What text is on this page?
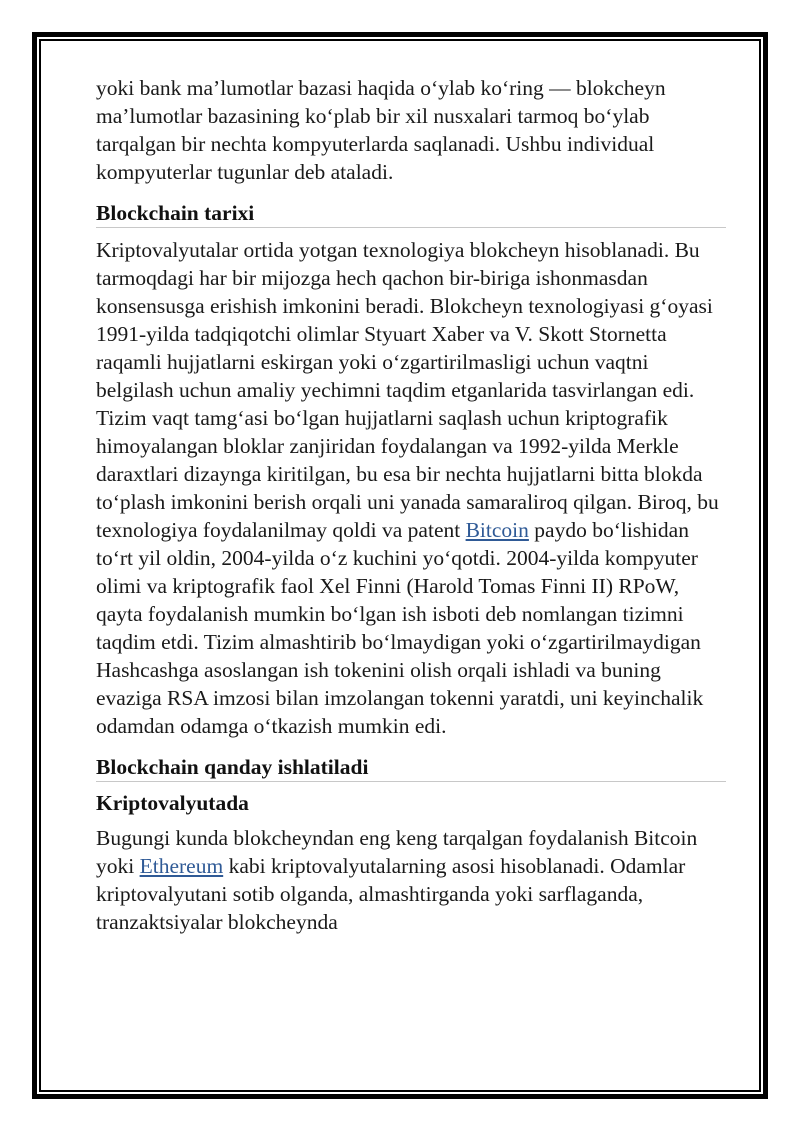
yoki bank ma’lumotlar bazasi haqida o‘ylab ko‘ring — blokcheyn ma’lumotlar bazasining ko‘plab bir xil nusxalari tarmoq bo‘ylab tarqalgan bir nechta kompyuterlarda saqlanadi. Ushbu individual kompyuterlar tugunlar deb ataladi.

Blockchain tarixi

Kriptovalyutalar ortida yotgan texnologiya blokcheyn hisoblanadi. Bu tarmoqdagi har bir mijozga hech qachon bir-biriga ishonmasdan konsensusga erishish imkonini beradi. Blokcheyn texnologiyasi g‘oyasi 1991-yilda tadqiqotchi olimlar Styuart Xaber va V. Skott Stornetta raqamli hujjatlarni eskirgan yoki o‘zgartirilmasligi uchun vaqtni belgilash uchun amaliy yechimni taqdim etganlarida tasvirlangan edi. Tizim vaqt tamg‘asi bo‘lgan hujjatlarni saqlash uchun kriptografik himoyalangan bloklar zanjiridan foydalangan va 1992-yilda Merkle daraxtlari dizaynga kiritilgan, bu esa bir nechta hujjatlarni bitta blokda to‘plash imkonini berish orqali uni yanada samaraliroq qilgan. Biroq, bu texnologiya foydalanilmay qoldi va patent Bitcoin paydo bo‘lishidan to‘rt yil oldin, 2004-yilda o‘z kuchini yo‘qotdi. 2004-yilda kompyuter olimi va kriptografik faol Xel Finni (Harold Tomas Finni II) RPoW, qayta foydalanish mumkin bo‘lgan ish isboti deb nomlangan tizimni taqdim etdi. Tizim almashtirib bo‘lmaydigan yoki o‘zgartirilmaydigan Hashcashga asoslangan ish tokenini olish orqali ishladi va buning evaziga RSA imzosi bilan imzolangan tokenni yaratdi, uni keyinchalik odamdan odamga o‘tkazish mumkin edi.

Blockchain qanday ishlatiladi
Kriptovalyutada

Bugungi kunda blokcheyndan eng keng tarqalgan foydalanish Bitcoin yoki Ethereum kabi kriptovalyutalarning asosi hisoblanadi. Odamlar kriptovalyutani sotib olganda, almashtirganda yoki sarflaganda, tranzaktsiyalar blokcheynda
